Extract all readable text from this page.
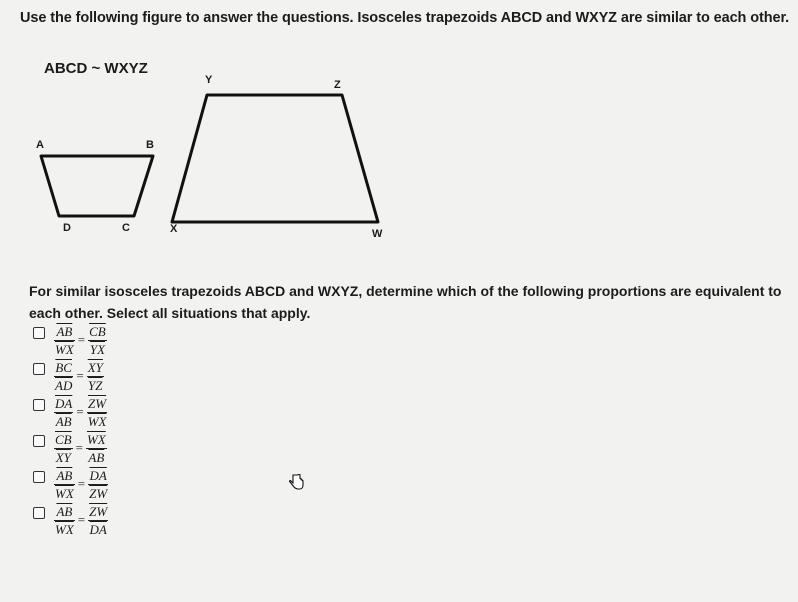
Use the following figure to answer the questions. Isosceles trapezoids ABCD and WXYZ are similar to each other.
ABCD ~ WXYZ
A	B
C
D
Y	Z
X	W
For similar isosceles trapezoids ABCD and WXYZ, determine which of the following proportions are equivalent to each other. Select all situations that apply.
$\frac{\overline{AB}}{WX} = \frac{\overline{CB}}{YX}$
$\frac{\overline{BC}}{AD} = \frac{\overline{XY}}{YZ}$
$\frac{\overline{DA}}{AB} = \frac{\overline{ZW}}{WX}$
$\frac{\overline{CB}}{XY} = \frac{\overline{WX}}{AB}$
$\frac{\overline{AB}}{WX} = \frac{\overline{DA}}{ZW}$
$\frac{\overline{AB}}{WX} = \frac{\overline{ZW}}{DA}$
